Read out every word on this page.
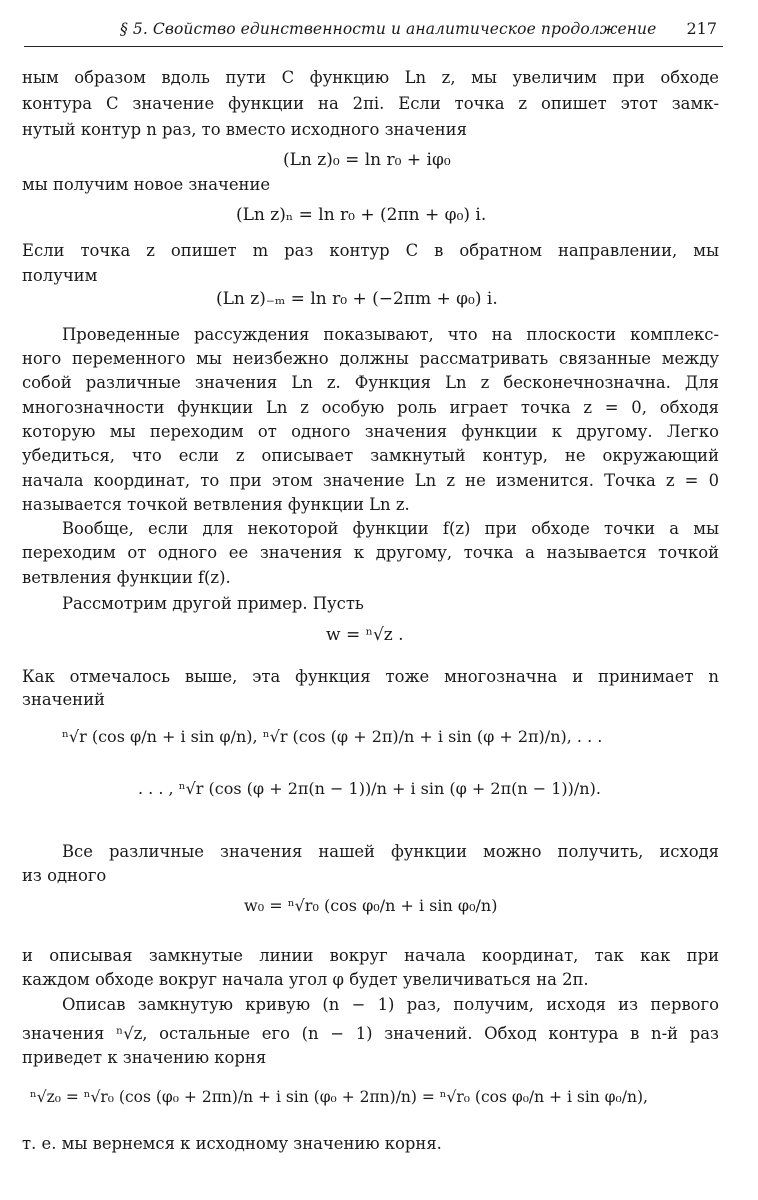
§ 5. Свойство единственности и аналитическое продолжение 217
ным образом вдоль пути C функцию Ln z, мы увеличим при обходе
контура C значение функции на 2πi. Если точка z опишет этот замк-
нутый контур n раз, то вместо исходного значения
(Ln z)₀ = ln r₀ + iφ₀
мы получим новое значение
(Ln z)ₙ = ln r₀ + (2πn + φ₀) i.
Если точка z опишет m раз контур C в обратном направлении, мы
получим
(Ln z)₋ₘ = ln r₀ + (−2πm + φ₀) i.
Проведенные рассуждения показывают, что на плоскости комплекс-
ного переменного мы неизбежно должны рассматривать связанные между
собой различные значения Ln z. Функция Ln z бесконечнозначна. Для
многозначности функции Ln z особую роль играет точка z = 0, обходя
которую мы переходим от одного значения функции к другому. Легко
убедиться, что если z описывает замкнутый контур, не окружающий
начала координат, то при этом значение Ln z не изменится. Точка z = 0
называется точкой ветвления функции Ln z.
Вообще, если для некоторой функции f(z) при обходе точки a мы
переходим от одного ее значения к другому, точка a называется точкой
ветвления функции f(z).
Рассмотрим другой пример. Пусть
w = ⁿ√z .
Как отмечалось выше, эта функция тоже многозначна и принимает n
значений
ⁿ√r (cos φ/n + i sin φ/n), ⁿ√r (cos (φ + 2π)/n + i sin (φ + 2π)/n), . . .
. . . , ⁿ√r (cos (φ + 2π(n − 1))/n + i sin (φ + 2π(n − 1))/n).
Все различные значения нашей функции можно получить, исходя
из одного
w₀ = ⁿ√r₀ (cos φ₀/n + i sin φ₀/n)
и описывая замкнутые линии вокруг начала координат, так как при
каждом обходе вокруг начала угол φ будет увеличиваться на 2π.
Описав замкнутую кривую (n − 1) раз, получим, исходя из первого
значения ⁿ√z, остальные его (n − 1) значений. Обход контура в n-й раз
приведет к значению корня
ⁿ√z₀ = ⁿ√r₀ (cos (φ₀ + 2πn)/n + i sin (φ₀ + 2πn)/n) = ⁿ√r₀ (cos φ₀/n + i sin φ₀/n),
т. е. мы вернемся к исходному значению корня.
